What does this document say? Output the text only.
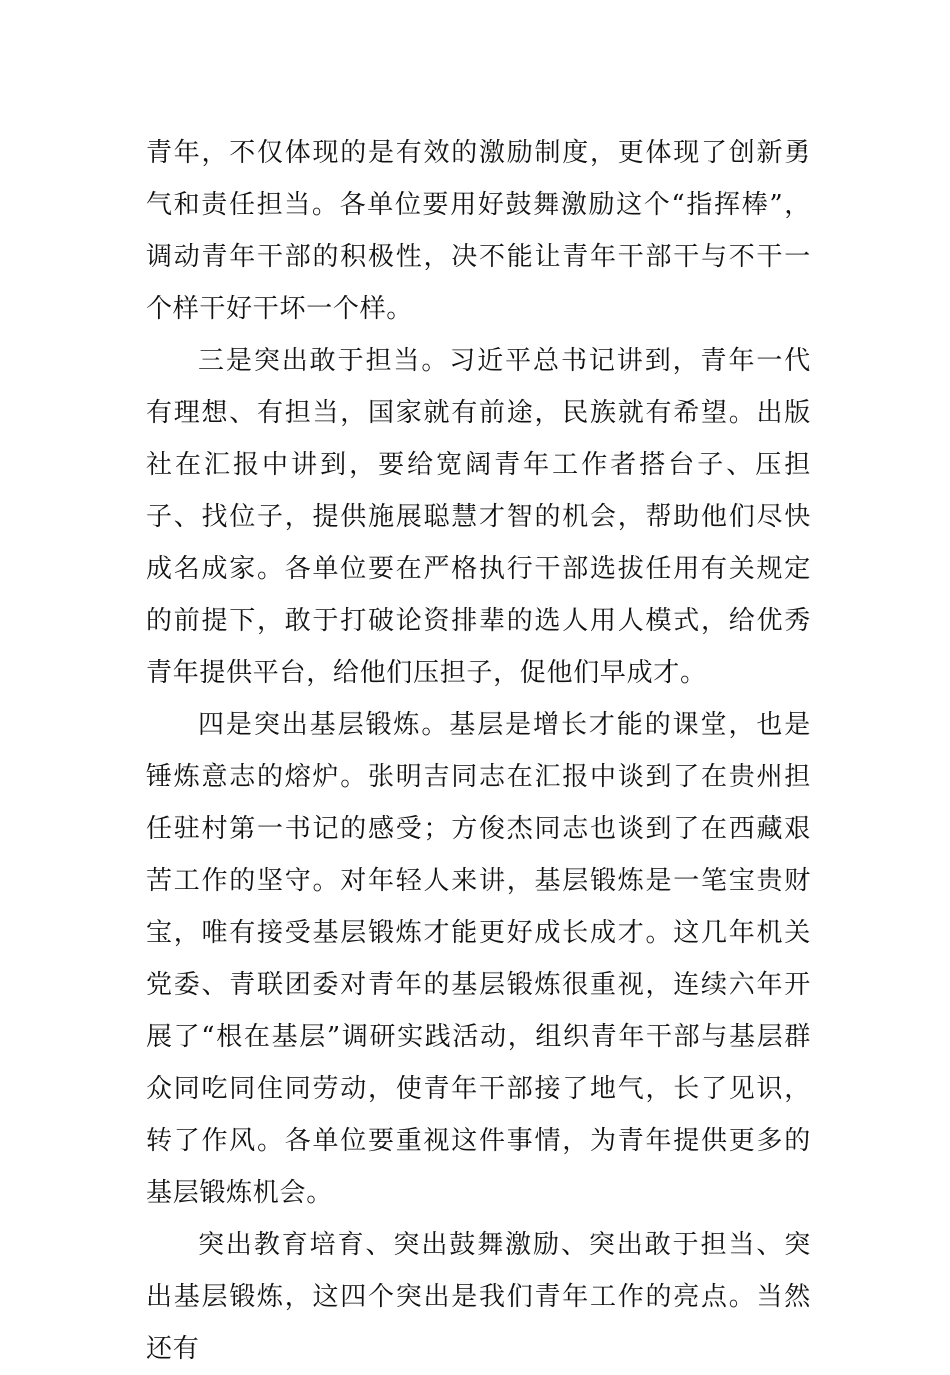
青年，不仅体现的是有效的激励制度，更体现了创新勇气和责任担当。各单位要用好鼓舞激励这个“指挥棒”，调动青年干部的积极性，决不能让青年干部干与不干一个样干好干坏一个样。

三是突出敢于担当。习近平总书记讲到，青年一代有理想、有担当，国家就有前途，民族就有希望。出版社在汇报中讲到，要给宽阔青年工作者搭台子、压担子、找位子，提供施展聪慧才智的机会，帮助他们尽快成名成家。各单位要在严格执行干部选拔任用有关规定的前提下，敢于打破论资排辈的选人用人模式，给优秀青年提供平台，给他们压担子，促他们早成才。

四是突出基层锻炼。基层是增长才能的课堂，也是锤炼意志的熔炉。张明吉同志在汇报中谈到了在贵州担任驻村第一书记的感受；方俊杰同志也谈到了在西藏艰苦工作的坚守。对年轻人来讲，基层锻炼是一笔宝贵财宝，唯有接受基层锻炼才能更好成长成才。这几年机关党委、青联团委对青年的基层锻炼很重视，连续六年开展了“根在基层”调研实践活动，组织青年干部与基层群众同吃同住同劳动，使青年干部接了地气，长了见识，转了作风。各单位要重视这件事情，为青年提供更多的基层锻炼机会。

突出教育培育、突出鼓舞激励、突出敢于担当、突出基层锻炼，这四个突出是我们青年工作的亮点。当然还有
